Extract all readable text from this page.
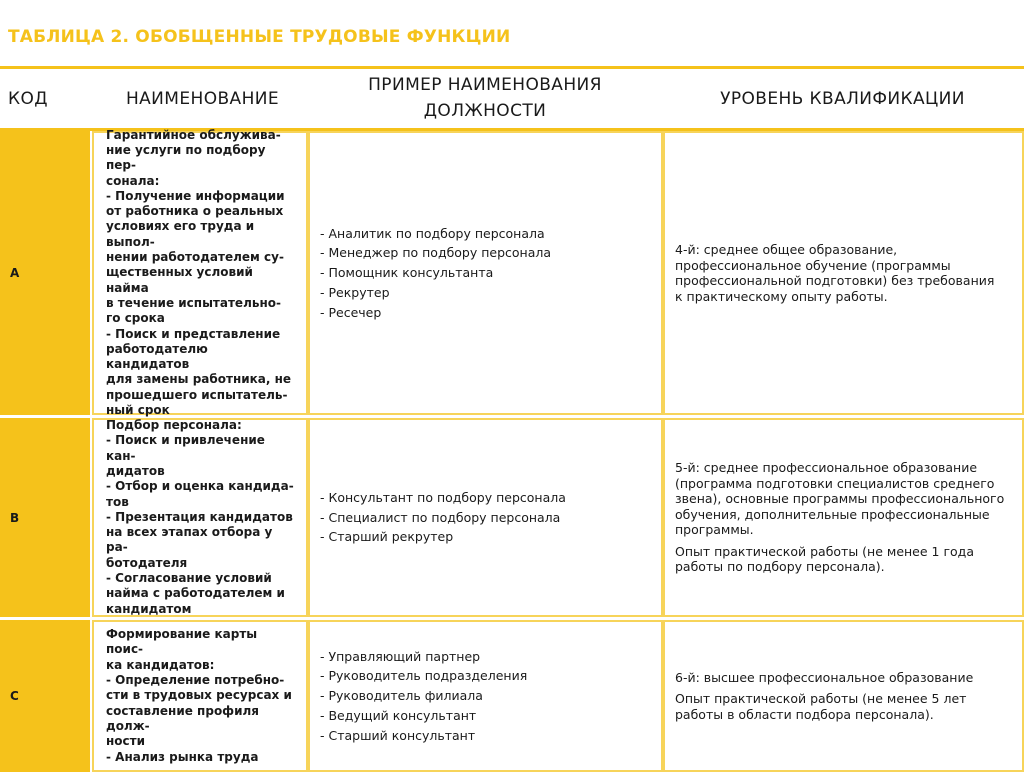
ТАБЛИЦА 2. ОБОБЩЕННЫЕ ТРУДОВЫЕ ФУНКЦИИ
КОД	НАИМЕНОВАНИЕ
ПРИМЕР НАИМЕНОВАНИЯ ДОЛЖНОСТИ
УРОВЕНЬ КВАЛИФИКАЦИИ
A
Гарантийное обслужива-
ние услуги по подбору пер-
сонала:
- Получение информации
от работника о реальных
условиях его труда и выпол-
нении работодателем су-
щественных условий найма
в течение испытательно-
го срока
- Поиск и представление
работодателю кандидатов
для замены работника, не
прошедшего испытатель-
ный срок
- Аналитик по подбору персонала
- Менеджер по подбору персонала
- Помощник консультанта
- Рекрутер
- Ресечер

4-й: среднее общее образование,
профессиональное обучение (программы
профессиональной подготовки) без требования
к практическому опыту работы.

B
Подбор персонала:
- Поиск и привлечение кан-
дидатов
- Отбор и оценка кандида-
тов
- Презентация кандидатов
на всех этапах отбора у ра-
ботодателя
- Согласование условий
найма с работодателем и
кандидатом
- Консультант по подбору персонала
- Специалист по подбору персонала
- Старший рекрутер

5-й: среднее профессиональное образование
(программа подготовки специалистов среднего
звена), основные программы профессионального
обучения, дополнительные профессиональные
программы.

Опыт практической работы (не менее 1 года
работы по подбору персонала).

C
Формирование карты поис-
ка кандидатов:
- Определение потребно-
сти в трудовых ресурсах и
составление профиля долж-
ности
- Анализ рынка труда
- Управляющий партнер
- Руководитель подразделения
- Руководитель филиала
- Ведущий консультант
- Старший консультант

6-й: высшее профессиональное образование

Опыт практической работы (не менее 5 лет
работы в области подбора персонала).
